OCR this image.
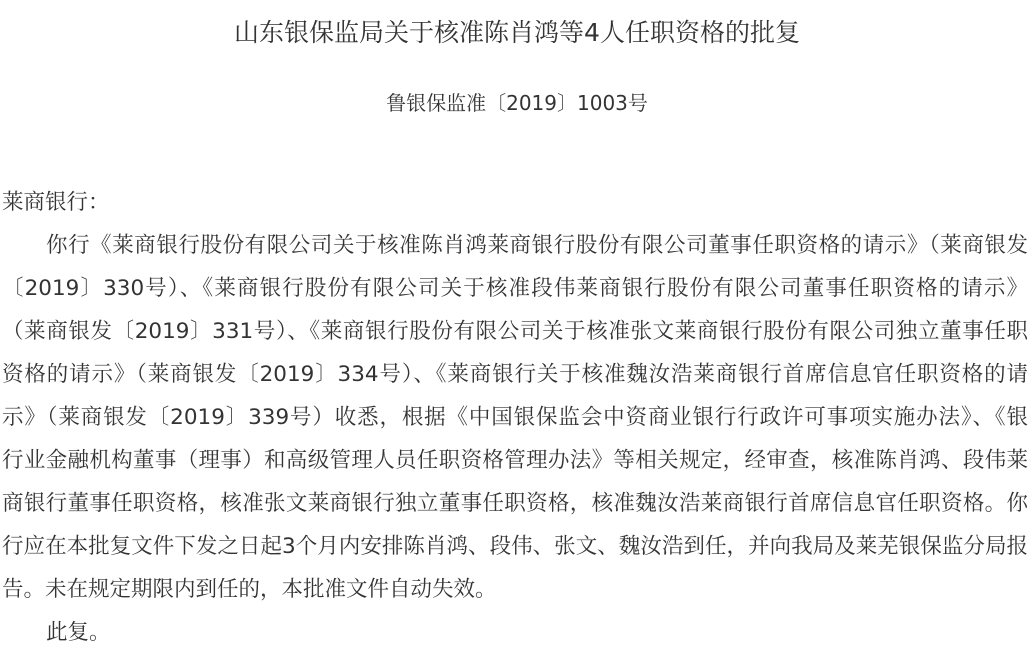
山东银保监局关于核准陈肖鸿等4人任职资格的批复
鲁银保监准〔2019〕1003号
莱商银行：
你行《莱商银行股份有限公司关于核准陈肖鸿莱商银行股份有限公司董事任职资格的请示》（莱商银发
〔2019〕330号）、《莱商银行股份有限公司关于核准段伟莱商银行股份有限公司董事任职资格的请示》
（莱商银发〔2019〕331号）、《莱商银行股份有限公司关于核准张文莱商银行股份有限公司独立董事任职
资格的请示》（莱商银发〔2019〕334号）、《莱商银行关于核准魏汝浩莱商银行首席信息官任职资格的请
示》（莱商银发〔2019〕339号）收悉，根据《中国银保监会中资商业银行行政许可事项实施办法》、《银
行业金融机构董事（理事）和高级管理人员任职资格管理办法》等相关规定，经审查，核准陈肖鸿、段伟莱
商银行董事任职资格，核准张文莱商银行独立董事任职资格，核准魏汝浩莱商银行首席信息官任职资格。你
行应在本批复文件下发之日起3个月内安排陈肖鸿、段伟、张文、魏汝浩到任，并向我局及莱芜银保监分局报
告。未在规定期限内到任的，本批准文件自动失效。
此复。
